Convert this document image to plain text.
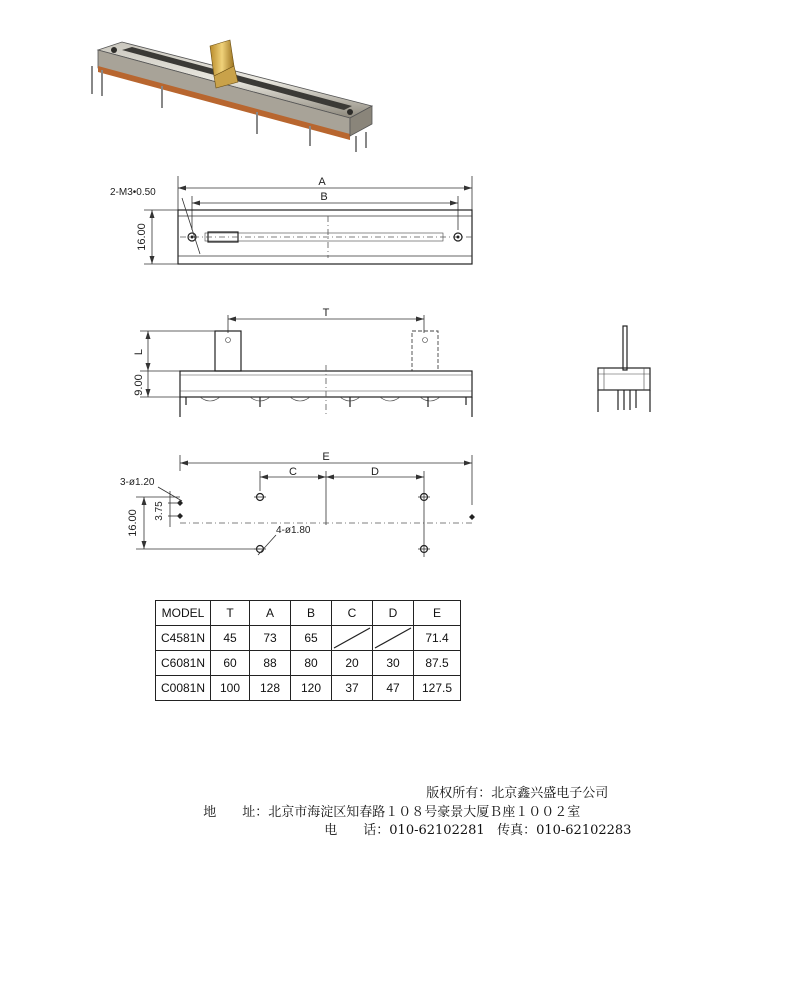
A
B
2-M3•0.50
16.00
T
L
9.00
E
C	D
3-ø1.20
4-ø1.80
3.75
16.00
MODEL	T	A	B	C	D	E
C4581N	45	73	65			71.4
C6081N	60	88	80	20	30	87.5
C0081N	100	128	120	37	47	127.5

版权所有：北京鑫兴盛电子公司

地　　址：北京市海淀区知春路１０８号豪景大厦Ｂ座１００２室

电　　话：010-62102281 传真：010-62102283
